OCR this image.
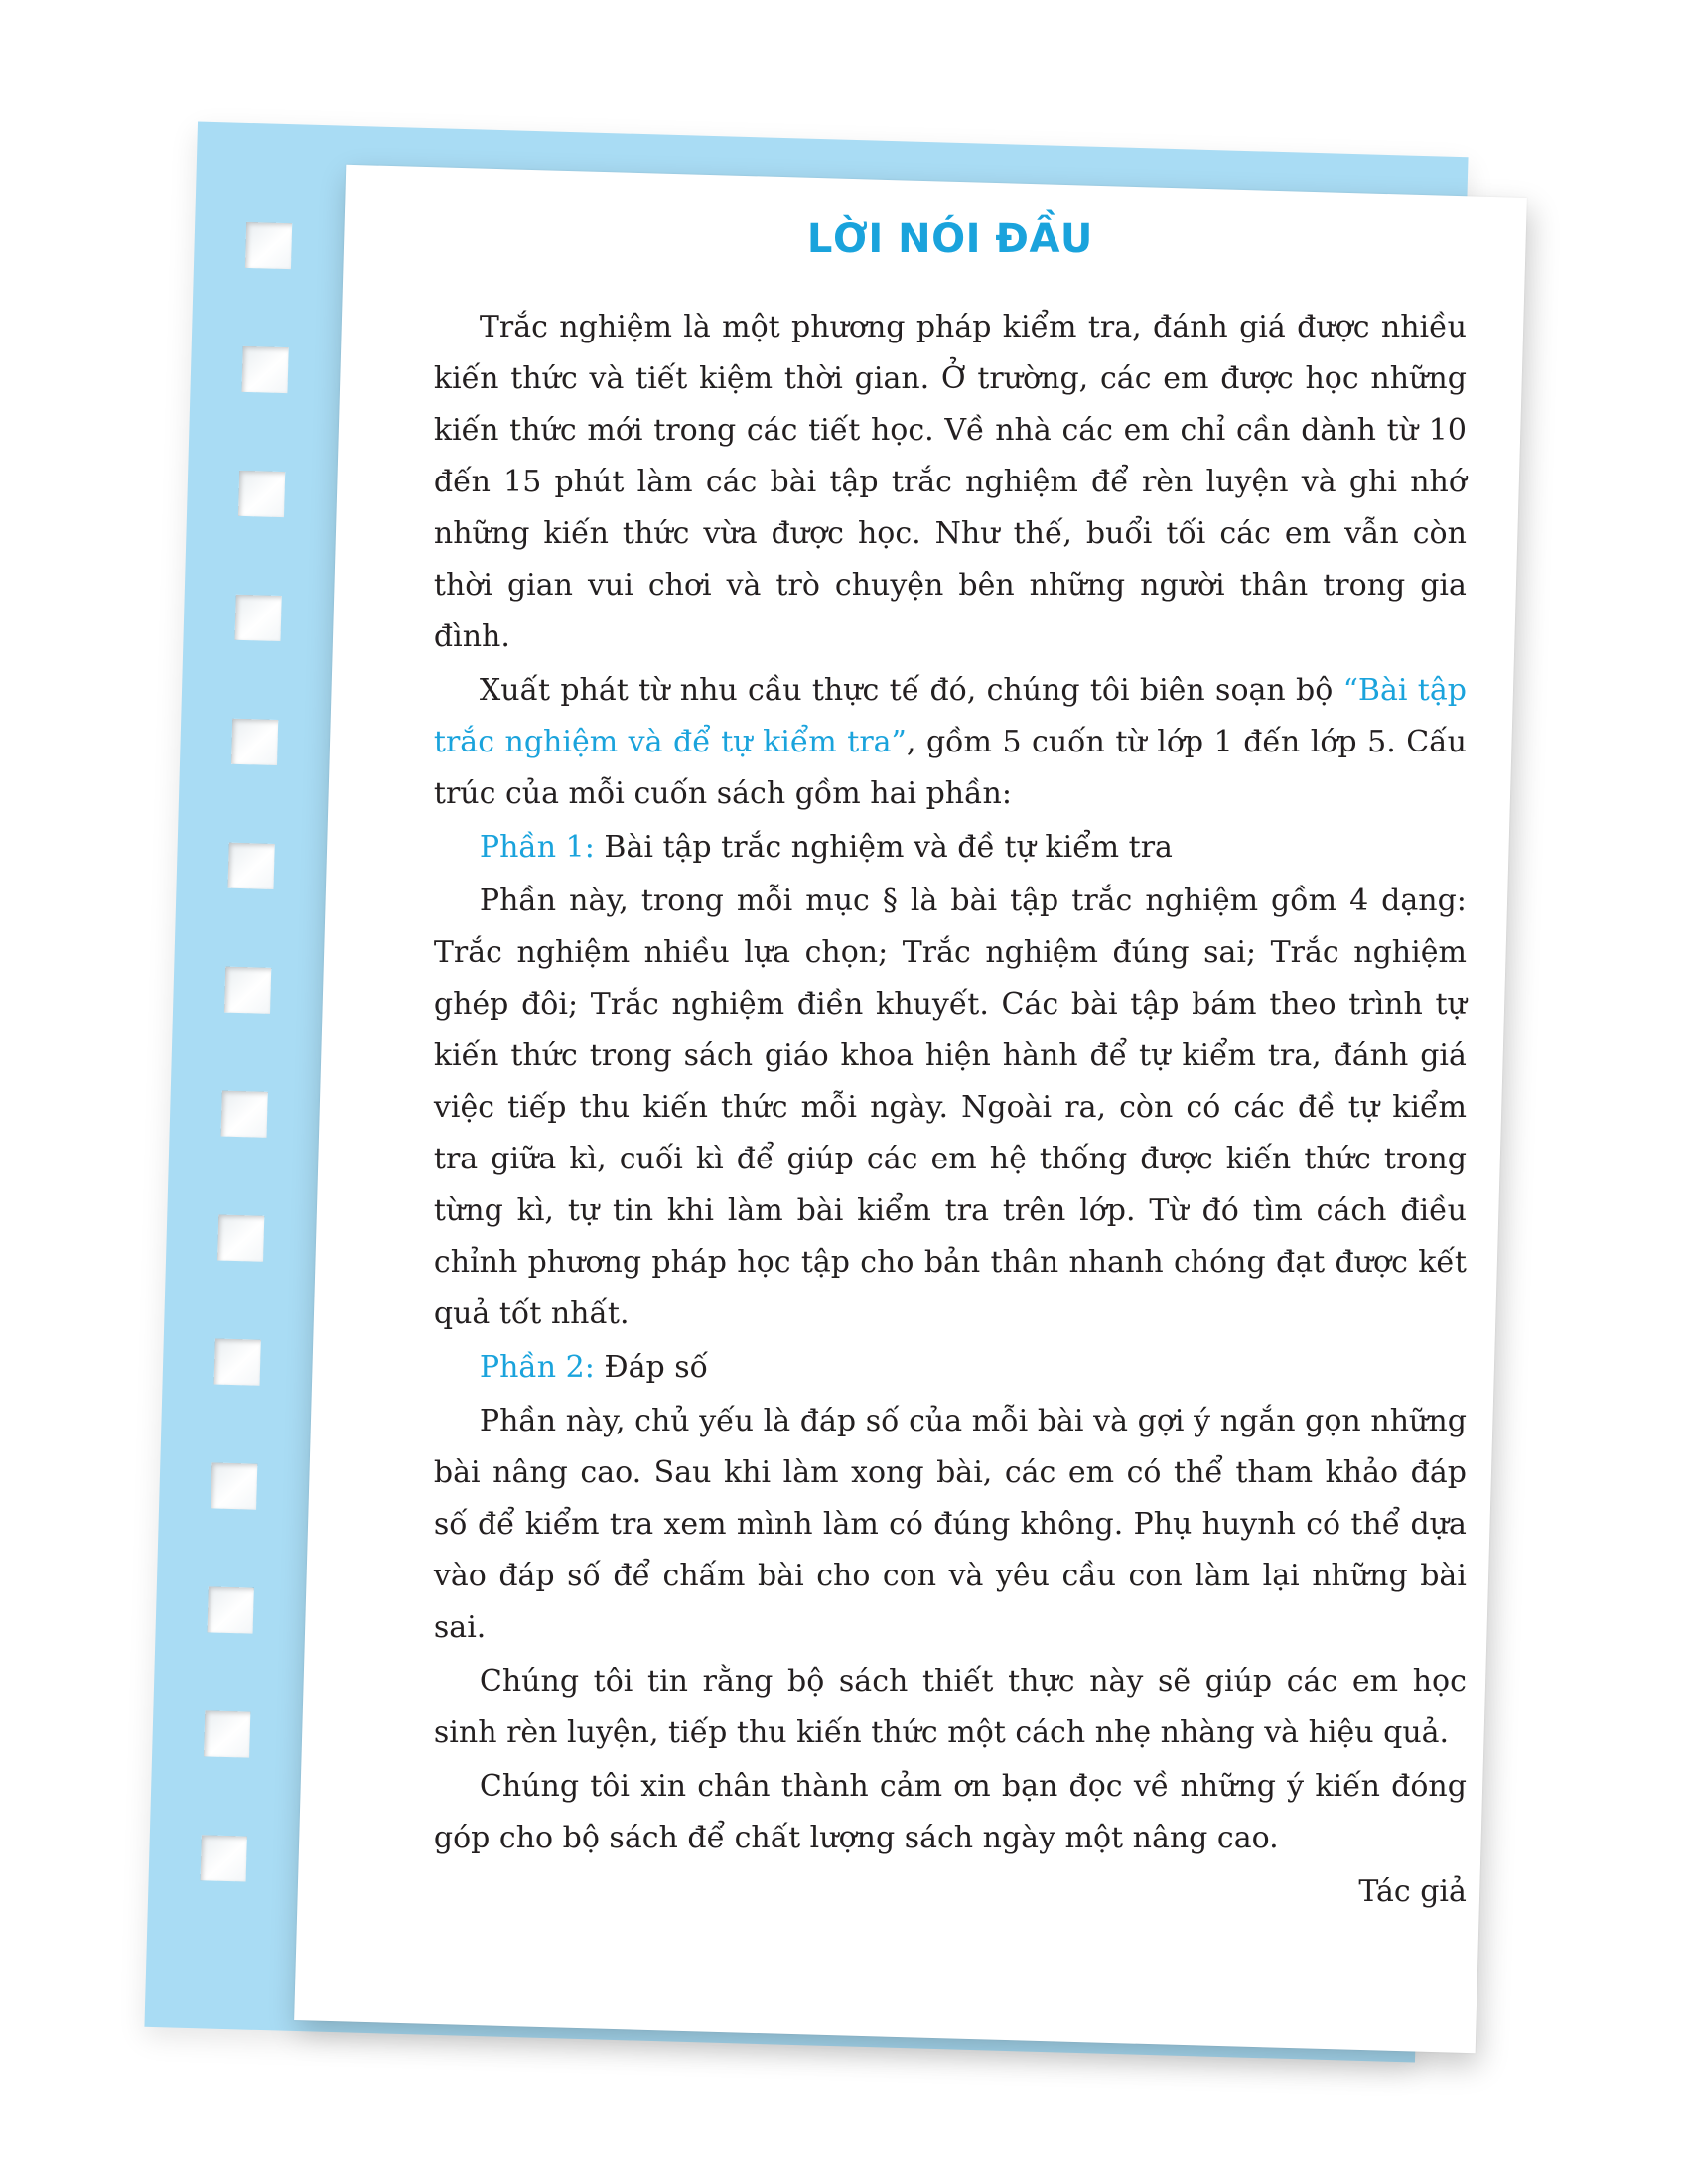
LỜI NÓI ĐẦU

Trắc nghiệm là một phương pháp kiểm tra, đánh giá được nhiều kiến thức và tiết kiệm thời gian. Ở trường, các em được học những kiến thức mới trong các tiết học. Về nhà các em chỉ cần dành từ 10 đến 15 phút làm các bài tập trắc nghiệm để rèn luyện và ghi nhớ những kiến thức vừa được học. Như thế, buổi tối các em vẫn còn thời gian vui chơi và trò chuyện bên những người thân trong gia đình.

Xuất phát từ nhu cầu thực tế đó, chúng tôi biên soạn bộ “Bài tập trắc nghiệm và để tự kiểm tra”, gồm 5 cuốn từ lớp 1 đến lớp 5. Cấu trúc của mỗi cuốn sách gồm hai phần:

Phần 1: Bài tập trắc nghiệm và đề tự kiểm tra

Phần này, trong mỗi mục § là bài tập trắc nghiệm gồm 4 dạng: Trắc nghiệm nhiều lựa chọn; Trắc nghiệm đúng sai; Trắc nghiệm ghép đôi; Trắc nghiệm điền khuyết. Các bài tập bám theo trình tự kiến thức trong sách giáo khoa hiện hành để tự kiểm tra, đánh giá việc tiếp thu kiến thức mỗi ngày. Ngoài ra, còn có các đề tự kiểm tra giữa kì, cuối kì để giúp các em hệ thống được kiến thức trong từng kì, tự tin khi làm bài kiểm tra trên lớp. Từ đó tìm cách điều chỉnh phương pháp học tập cho bản thân nhanh chóng đạt được kết quả tốt nhất.

Phần 2: Đáp số

Phần này, chủ yếu là đáp số của mỗi bài và gợi ý ngắn gọn những bài nâng cao. Sau khi làm xong bài, các em có thể tham khảo đáp số để kiểm tra xem mình làm có đúng không. Phụ huynh có thể dựa vào đáp số để chấm bài cho con và yêu cầu con làm lại những bài sai.

Chúng tôi tin rằng bộ sách thiết thực này sẽ giúp các em học sinh rèn luyện, tiếp thu kiến thức một cách nhẹ nhàng và hiệu quả.

Chúng tôi xin chân thành cảm ơn bạn đọc về những ý kiến đóng góp cho bộ sách để chất lượng sách ngày một nâng cao.

Tác giả
